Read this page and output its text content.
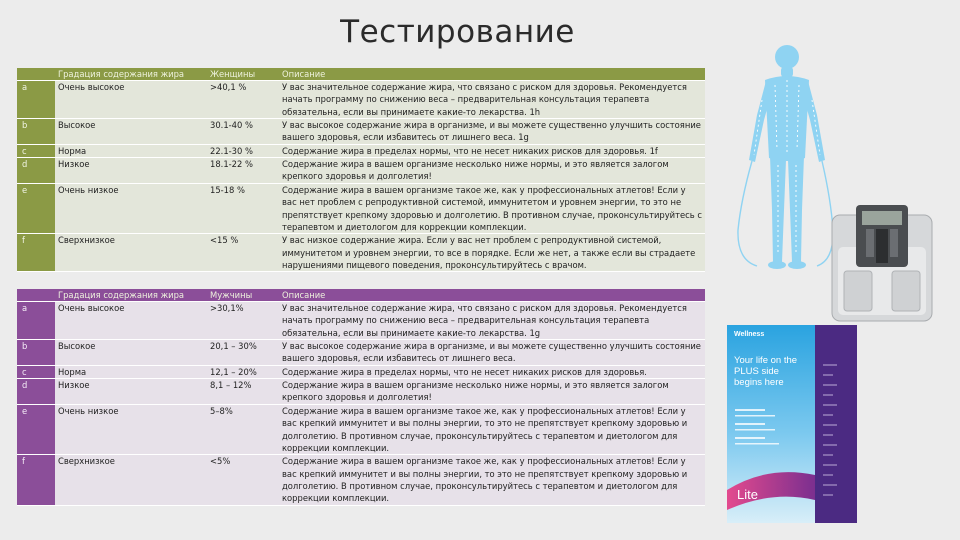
Тестирование
	Градация содержания жира	Женщины	Описание
a	Очень высокое	>40,1 %	У вас значительное содержание жира, что связано с риском для здоровья. Рекомендуется начать программу по снижению веса – предварительная консультация терапевта обязательна, если вы принимаете какие-то лекарства. 1h
b	Высокое	30.1-40 %	У вас высокое содержание жира в организме, и вы можете существенно улучшить состояние вашего здоровья, если избавитесь от лишнего веса. 1g
c	Норма	22.1-30 %	Содержание жира в пределах нормы, что не несет никаких рисков для здоровья. 1f
d	Низкое	18.1-22 %	Содержание жира в вашем организме несколько ниже нормы, и это является залогом крепкого здоровья и долголетия!
e	Очень низкое	15-18 %	Содержание жира в вашем организме такое же, как у профессиональных атлетов! Если у вас нет проблем с репродуктивной системой, иммунитетом и уровнем энергии, то это не препятствует крепкому здоровью и долголетию. В противном случае, проконсультируйтесь с терапевтом и диетологом для коррекции комплекции.
f	Сверхнизкое	<15 %	У вас низкое содержание жира. Если у вас нет проблем с репродуктивной системой, иммунитетом и уровнем энергии, то все в порядке. Если же нет, а также если вы страдаете нарушениями пищевого поведения, проконсультируйтесь с врачом.
	Градация содержания жира	Мужчины	Описание
a	Очень высокое	>30,1%	У вас значительное содержание жира, что связано с риском для здоровья. Рекомендуется начать программу по снижению веса – предварительная консультация терапевта обязательна, если вы принимаете какие-то лекарства. 1g
b	Высокое	20,1 – 30%	У вас высокое содержание жира в организме, и вы можете существенно улучшить состояние вашего здоровья, если избавитесь от лишнего веса.
c	Норма	12,1 – 20%	Содержание жира в пределах нормы, что не несет никаких рисков для здоровья.
d	Низкое	8,1 – 12%	Содержание жира в вашем организме несколько ниже нормы, и это является залогом крепкого здоровья и долголетия!
e	Очень низкое	5–8%	Содержание жира в вашем организме такое же, как у профессиональных атлетов! Если у вас крепкий иммунитет и вы полны энергии, то это не препятствует крепкому здоровью и долголетию. В противном случае, проконсультируйтесь с терапевтом и диетологом для коррекции комплекции.
f	Сверхнизкое	<5%	Содержание жира в вашем организме такое же, как у профессиональных атлетов! Если у вас крепкий иммунитет и вы полны энергии, то это не препятствует крепкому здоровью и долголетию. В противном случае, проконсультируйтесь с терапевтом и диетологом для коррекции комплекции.
Wellness
Your life on the PLUS side begins here
Lite
